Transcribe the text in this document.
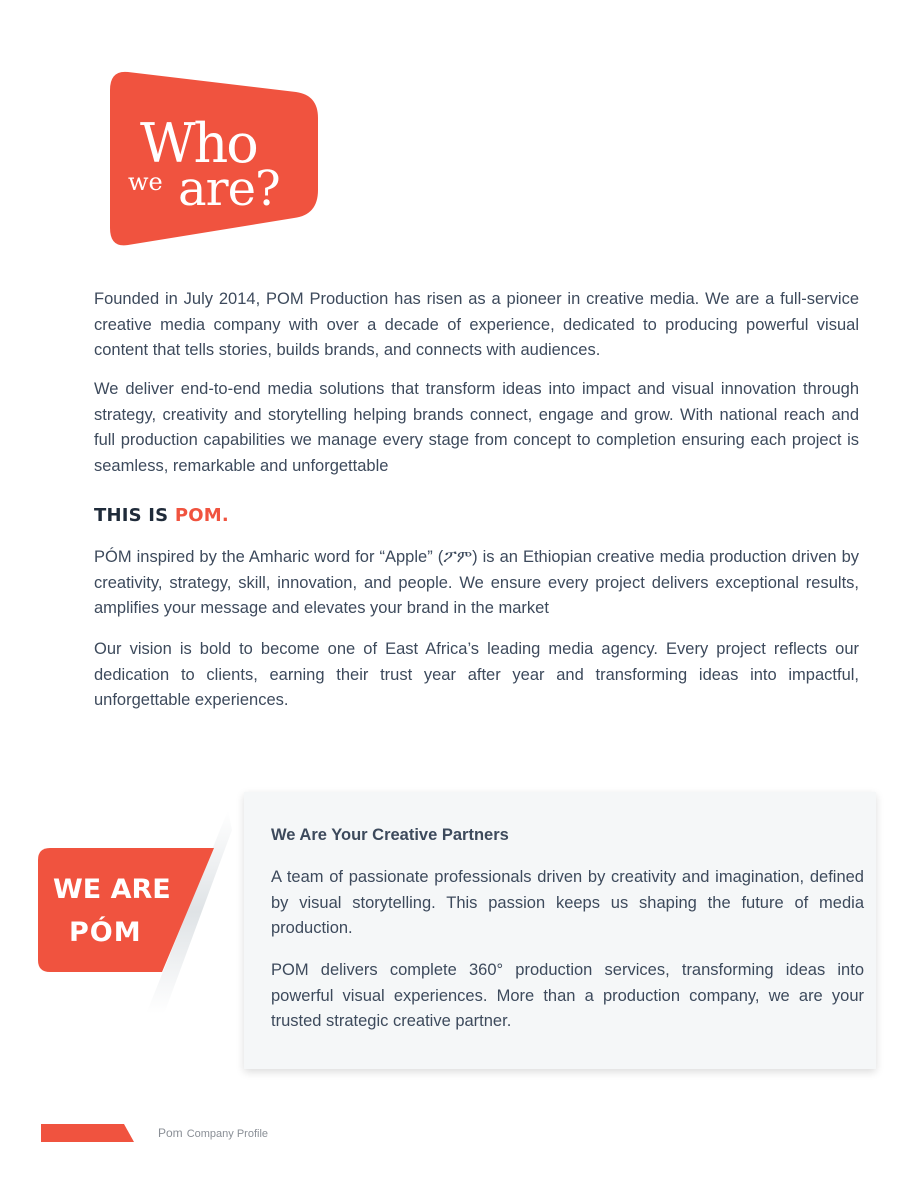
Who
we are?

Founded in July 2014, POM Production has risen as a pioneer in creative media. We are a full-service creative media company with over a decade of experience, dedicated to producing powerful visual content that tells stories, builds brands, and connects with audiences.

We deliver end-to-end media solutions that transform ideas into impact and visual innovation through strategy, creativity and storytelling helping brands connect, engage and grow. With national reach and full production capabilities we manage every stage from concept to completion ensuring each project is seamless, remarkable and unforgettable

THIS IS POM.

PÓM inspired by the Amharic word for “Apple” (ፖም) is an Ethiopian creative media production driven by creativity, strategy, skill, innovation, and people. We ensure every project delivers exceptional results, amplifies your message and elevates your brand in the market

Our vision is bold to become one of East Africa’s leading media agency. Every project reflects our dedication to clients, earning their trust year after year and transforming ideas into impactful, unforgettable experiences.

We Are Your Creative Partners

A team of passionate professionals driven by creativity and imagination, defined by visual storytelling. This passion keeps us shaping the future of media production.

POM delivers complete 360° production services, transforming ideas into powerful visual experiences. More than a production company, we are your trusted strategic creative partner.

WE ARE
PÓM
Pom Company Profile
